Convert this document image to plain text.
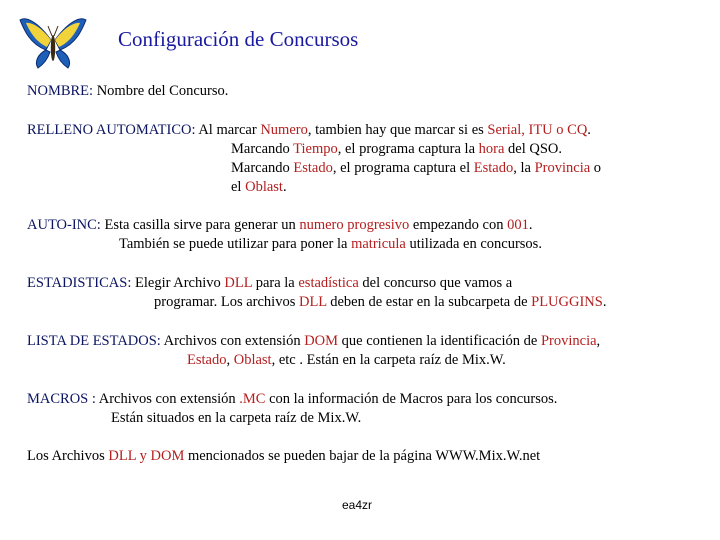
Configuración de Concursos
NOMBRE: Nombre del Concurso.
RELLENO AUTOMATICO: Al marcar Numero, tambien hay que marcar si es Serial, ITU o CQ.
Marcando Tiempo, el programa captura la hora del QSO.
Marcando Estado, el programa captura el Estado, la Provincia o
el Oblast.
AUTO-INC: Esta casilla sirve para generar un numero progresivo empezando con 001.
También se puede utilizar para poner la matricula utilizada en concursos.
ESTADISTICAS: Elegir Archivo DLL para la estadística del concurso que vamos a
programar. Los archivos DLL deben de estar en la subcarpeta de PLUGGINS.
LISTA DE ESTADOS: Archivos con extensión DOM que contienen la identificación de Provincia,
Estado, Oblast, etc . Están en la carpeta raíz de Mix.W.
MACROS : Archivos con extensión .MC con la información de Macros para los concursos.
Están situados en la carpeta raíz de Mix.W.
Los Archivos DLL y DOM mencionados se pueden bajar de la página WWW.Mix.W.net
ea4zr
